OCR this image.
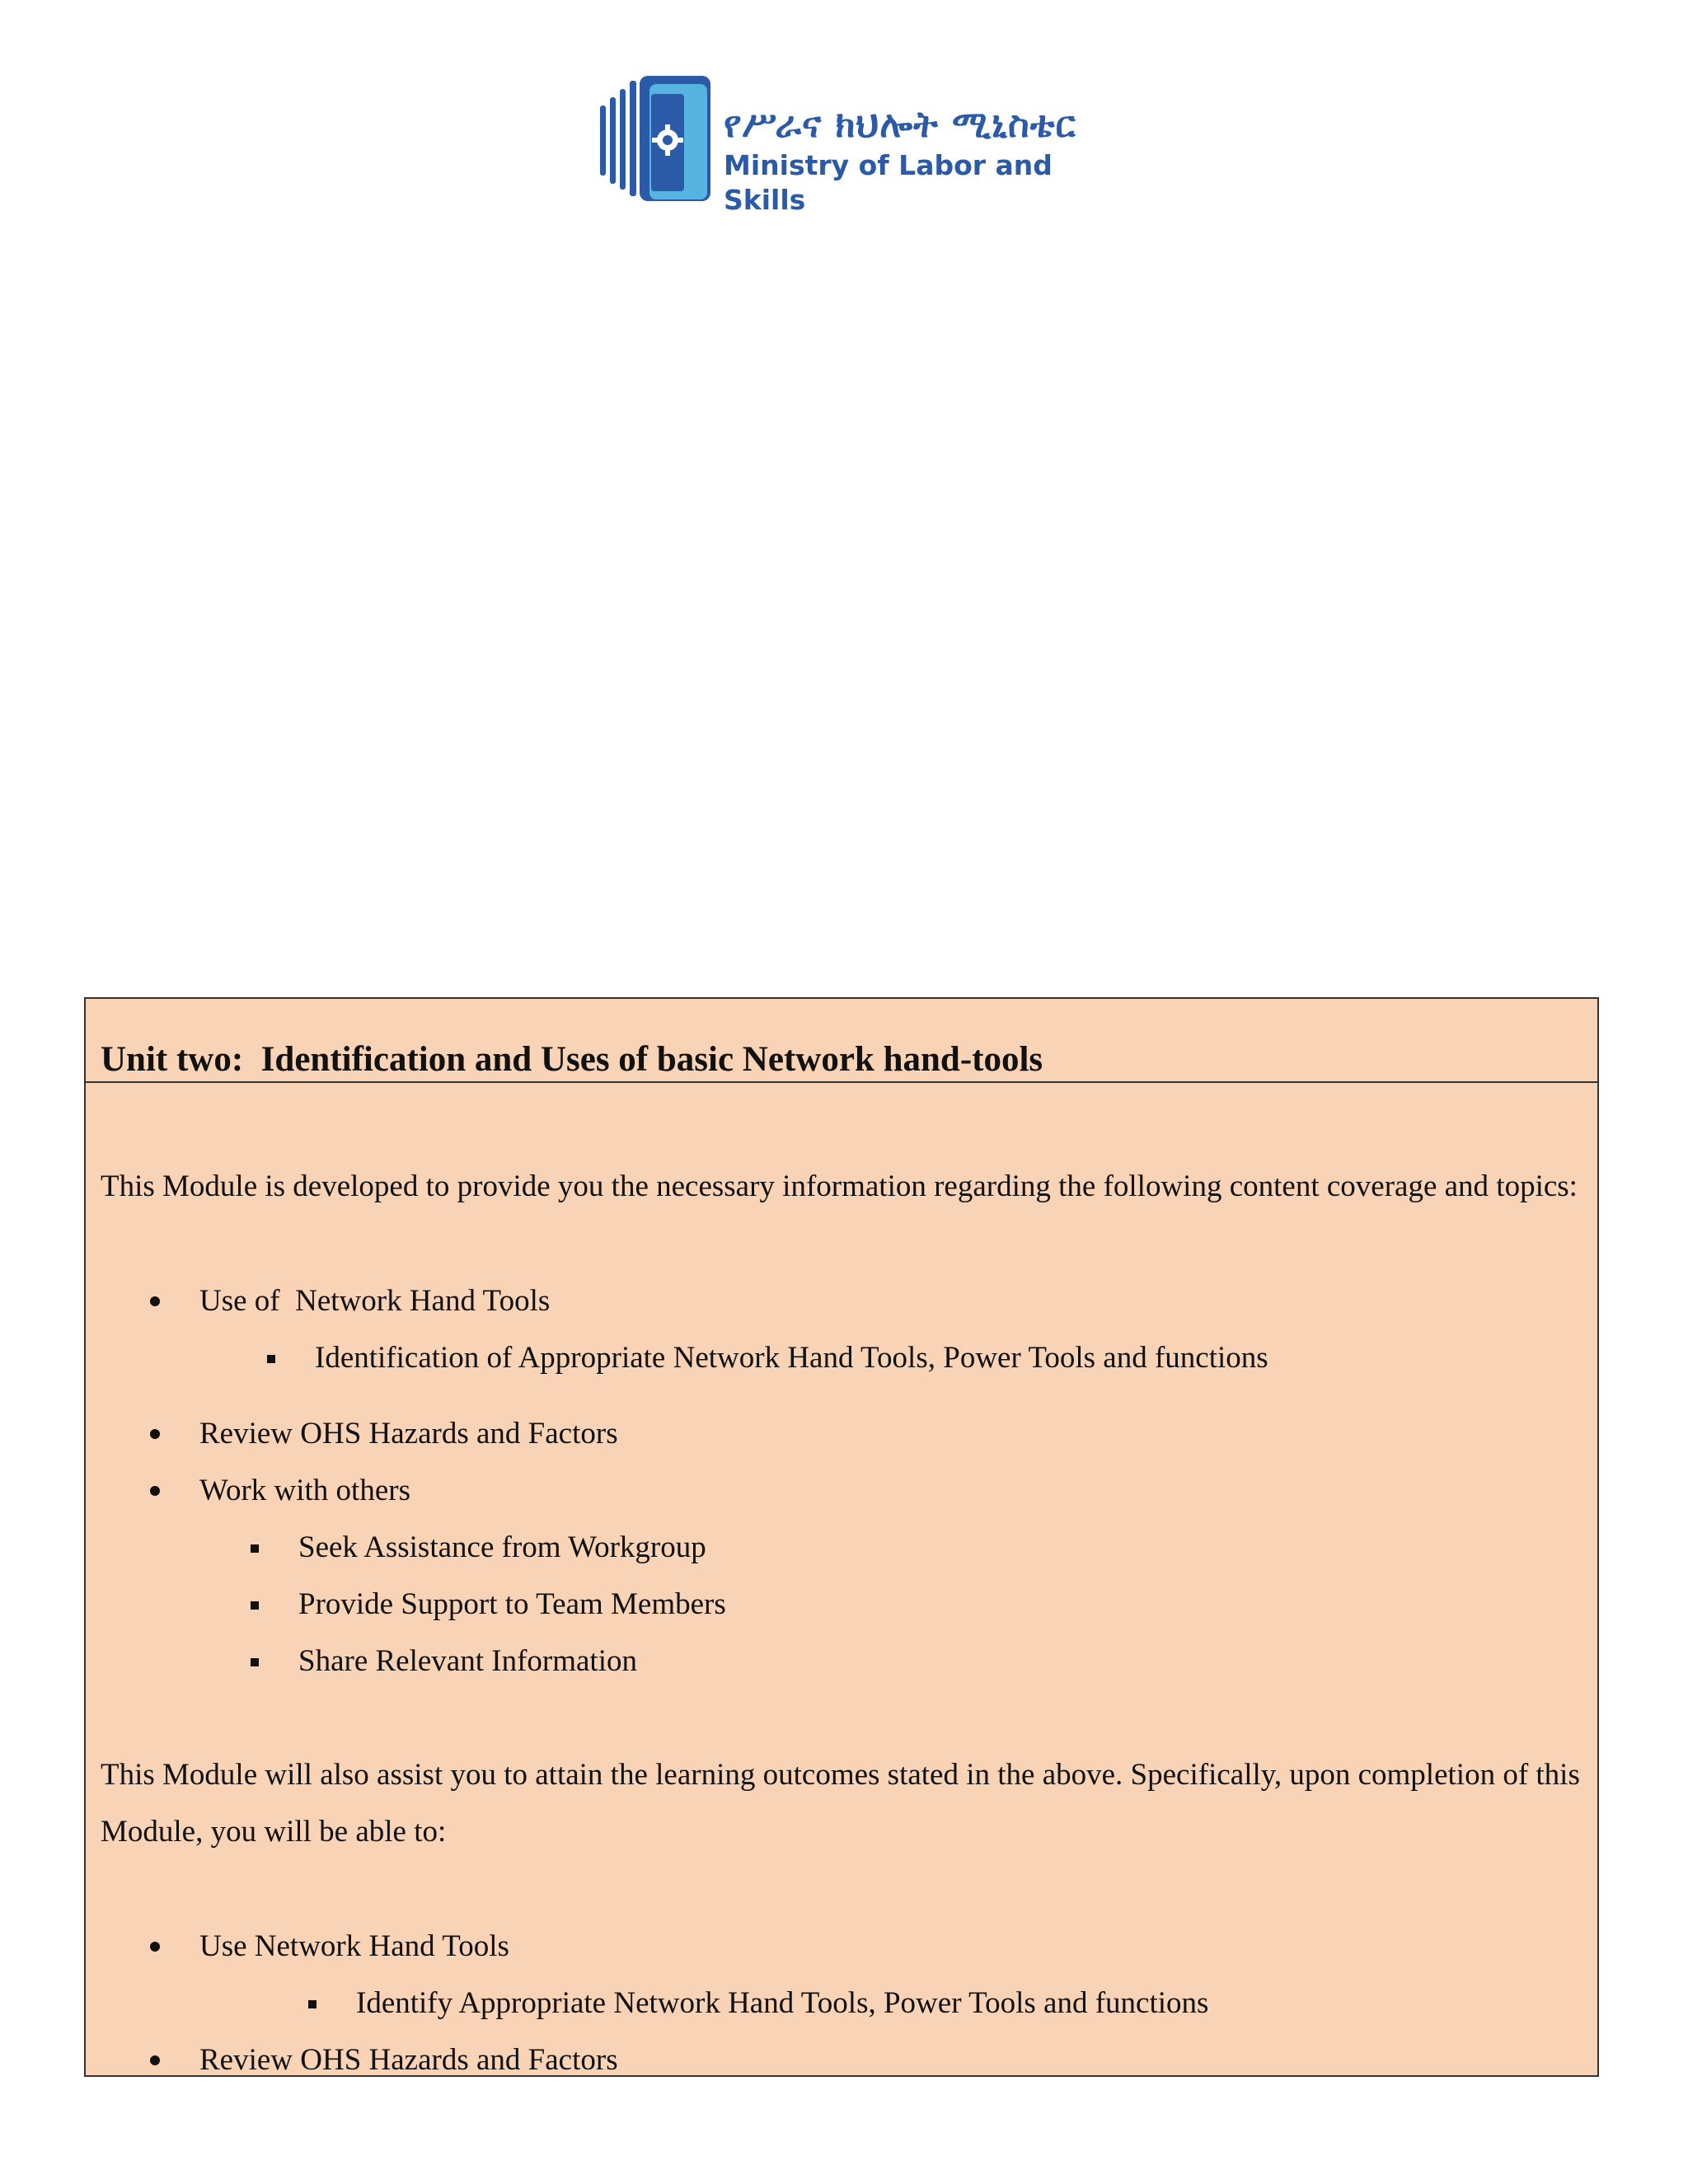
የሥራና ክህሎት ሚኒስቴር
Ministry of Labor and Skills
Unit two:  Identification and Uses of basic Network hand-tools
This Module is developed to provide you the necessary information regarding the following content coverage and topics:
Use of  Network Hand Tools
Identification of Appropriate Network Hand Tools, Power Tools and functions
Review OHS Hazards and Factors
Work with others
Seek Assistance from Workgroup
Provide Support to Team Members
Share Relevant Information
This Module will also assist you to attain the learning outcomes stated in the above. Specifically, upon completion of this Module, you will be able to:
Use Network Hand Tools
Identify Appropriate Network Hand Tools, Power Tools and functions
Review OHS Hazards and Factors
